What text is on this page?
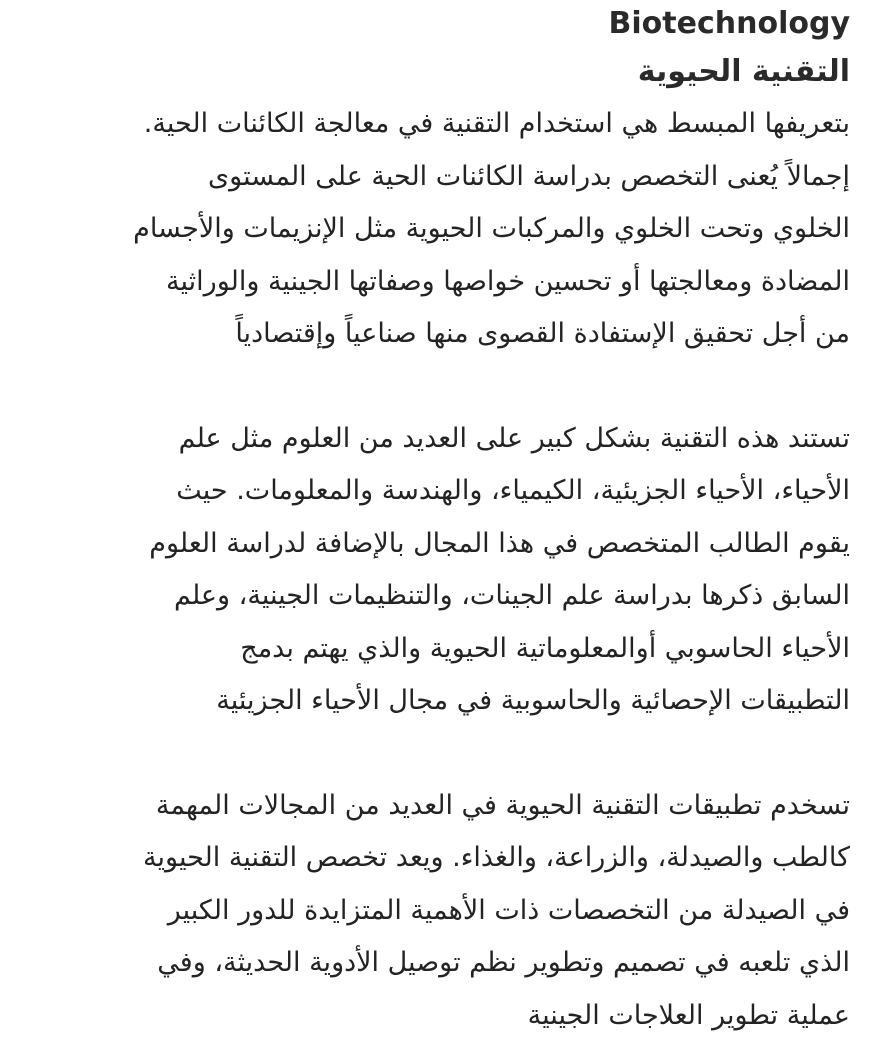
Biotechnology
التقنية الحيوية

بتعريفها المبسط هي استخدام التقنية في معالجة الكائنات الحية.
إجمالاً يُعنى التخصص بدراسة الكائنات الحية على المستوى
الخلوي وتحت الخلوي والمركبات الحيوية مثل الإنزيمات والأجسام
المضادة ومعالجتها أو تحسين خواصها وصفاتها الجينية والوراثية
من أجل تحقيق الإستفادة القصوى منها صناعياً وإقتصادياً

تستند هذه التقنية بشكل كبير على العديد من العلوم مثل علم
الأحياء، الأحياء الجزيئية، الكيمياء، والهندسة والمعلومات. حيث
يقوم الطالب المتخصص في هذا المجال بالإضافة لدراسة العلوم
السابق ذكرها بدراسة علم الجينات، والتنظيمات الجينية، وعلم
الأحياء الحاسوبي أوالمعلوماتية الحيوية والذي يهتم بدمج
التطبيقات الإحصائية والحاسوبية في مجال الأحياء الجزيئية

تسخدم تطبيقات التقنية الحيوية في العديد من المجالات المهمة
كالطب والصيدلة، والزراعة، والغذاء. ويعد تخصص التقنية الحيوية
في الصيدلة من التخصصات ذات الأهمية المتزايدة للدور الكبير
الذي تلعبه في تصميم وتطوير نظم توصيل الأدوية الحديثة، وفي
عملية تطوير العلاجات الجينية
